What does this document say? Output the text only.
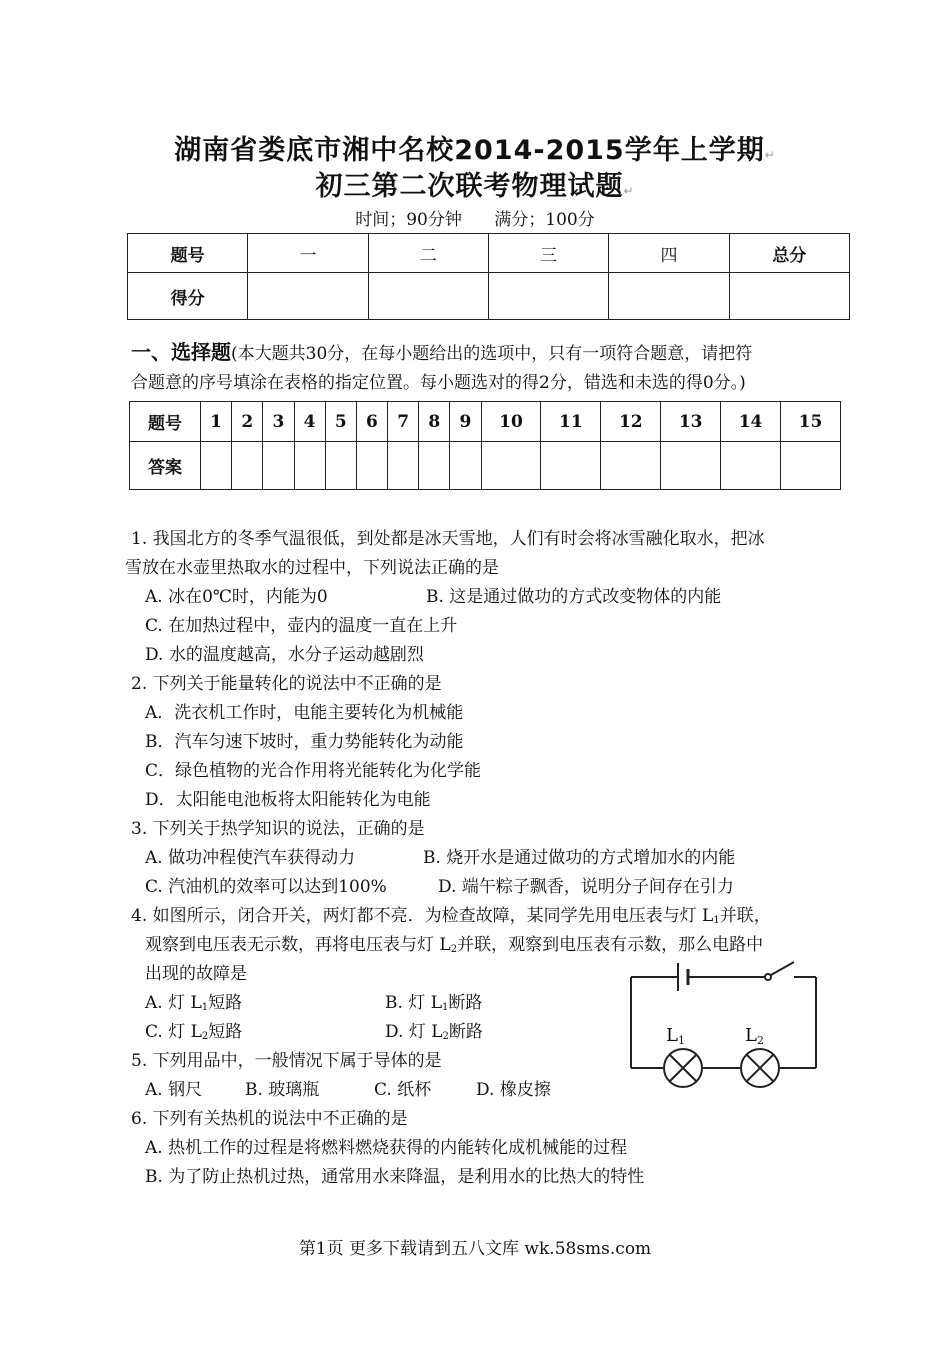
湖南省娄底市湘中名校2014-2015学年上学期↵
初三第二次联考物理试题↵
时间；90分钟      满分；100分
题号	一	二	三	四	总分
得分					
一、选择题(本大题共30分，在每小题给出的选项中，只有一项符合题意，请把符
合题意的序号填涂在表格的指定位置。每小题选对的得2分，错选和未选的得0分。)
题号	1	2	3	4	5	6	7	8	9	10	11	12	13	14	15
答案															
1. 我国北方的冬季气温很低，到处都是冰天雪地，人们有时会将冰雪融化取水，把冰
雪放在水壶里热取水的过程中，下列说法正确的是
A. 冰在0℃时，内能为0	B. 这是通过做功的方式改变物体的内能
C. 在加热过程中，壶内的温度一直在上升
D. 水的温度越高，水分子运动越剧烈
2. 下列关于能量转化的说法中不正确的是
A．洗衣机工作时，电能主要转化为机械能
B．汽车匀速下坡时，重力势能转化为动能
C．绿色植物的光合作用将光能转化为化学能
D．太阳能电池板将太阳能转化为电能
3. 下列关于热学知识的说法，正确的是
A. 做功冲程使汽车获得动力	B. 烧开水是通过做功的方式增加水的内能
C. 汽油机的效率可以达到100%	D. 端午粽子飘香，说明分子间存在引力
4. 如图所示，闭合开关，两灯都不亮．为检查故障，某同学先用电压表与灯 $L_1$并联，
观察到电压表无示数，再将电压表与灯 $L_2$并联，观察到电压表有示数，那么电路中
出现的故障是
A. 灯 $L_1$短路	B. 灯 $L_1$断路
C. 灯 $L_2$短路	D. 灯 $L_2$断路
5. 下列用品中，一般情况下属于导体的是
A. 钢尺	B. 玻璃瓶	C. 纸杯	D. 橡皮擦
6. 下列有关热机的说法中不正确的是
A. 热机工作的过程是将燃料燃烧获得的内能转化成机械能的过程
B. 为了防止热机过热，通常用水来降温，是利用水的比热大的特性
L1	L2
第1页 更多下载请到五八文库 wk.58sms.com
